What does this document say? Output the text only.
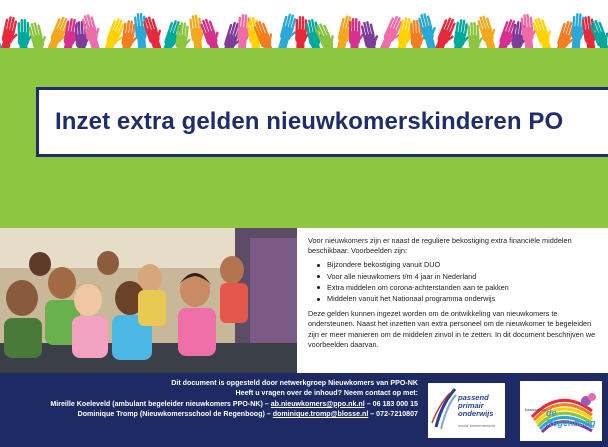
Inzet extra gelden nieuwkomerskinderen PO

Voor nieuwkomers zijn er naast de reguliere bekostiging extra financiële middelen beschikbaar. Voorbeelden zijn:

Bijzondere bekostiging vanuit DUO
Voor alle nieuwkomers t/m 4 jaar in Nederland
Extra middelen om corona-achterstanden aan te pakken
Middelen vanuit het Nationaal programma onderwijs

Deze gelden kunnen ingezet worden om de ontwikkeling van nieuwkomers te ondersteunen. Naast het inzetten van extra personeel om de nieuwkomer te begeleiden zijn er meer manieren om de middelen zinvol in te zetten. In dit document beschrijven we voorbeelden daarvan.

Dit document is opgesteld door netwerkgroep Nieuwkomers van PPO-NK
Heeft u vragen over de inhoud? Neem contact op met:
Mireille Koeleveld (ambulant begeleider nieuwkomers PPO-NK) – ab.nieuwkomers@ppo.nk.nl – 06 183 000 15
Dominique Tromp (Nieuwkomersschool de Regenboog) – dominique.tromp@blosse.nl – 072-7210807
passend
primair
onderwijs
noord-kennemerland
basisschool de Regenboog
